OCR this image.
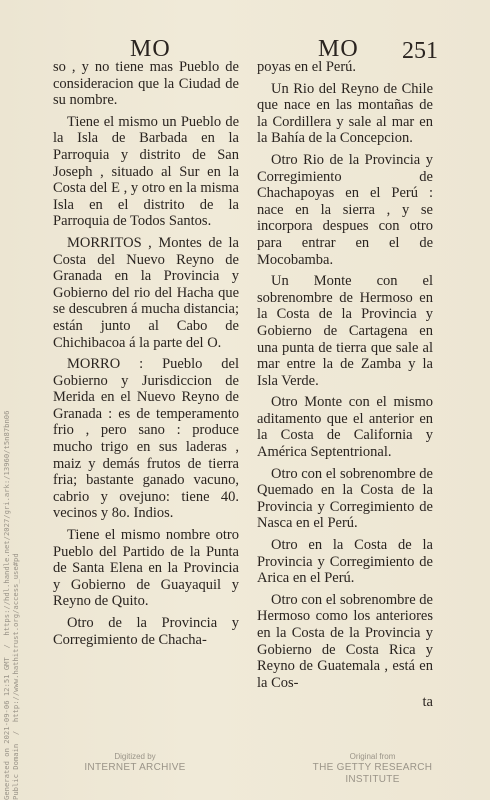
MO	MO 251

so , y no tiene mas Pueblo de consideracion que la Ciudad de su nombre.

Tiene el mismo un Pueblo de la Isla de Barbada en la Parroquia y distrito de San Joseph , situado al Sur en la Costa del E , y otro en la misma Isla en el distrito de la Parroquia de Todos Santos.

MORRITOS , Montes de la Costa del Nuevo Reyno de Granada en la Provincia y Gobierno del rio del Hacha que se descubren á mucha distancia; están junto al Cabo de Chichibacoa á la parte del O.

MORRO : Pueblo del Gobierno y Jurisdiccion de Merida en el Nuevo Reyno de Granada : es de temperamento frio , pero sano : produce mucho trigo en sus laderas , maiz y demás frutos de tierra fria; bastante ganado vacuno, cabrio y ovejuno: tiene 40. vecinos y 8o. Indios.

Tiene el mismo nombre otro Pueblo del Partido de la Punta de Santa Elena en la Provincia y Gobierno de Guayaquil y Reyno de Quito.

Otro de la Provincia y Corregimiento de Chacha-

poyas en el Perú.

Un Rio del Reyno de Chile que nace en las montañas de la Cordillera y sale al mar en la Bahía de la Concepcion.

Otro Rio de la Provincia y Corregimiento de Chachapoyas en el Perú : nace en la sierra , y se incorpora despues con otro para entrar en el de Mocobamba.

Un Monte con el sobrenombre de Hermoso en la Costa de la Provincia y Gobierno de Cartagena en una punta de tierra que sale al mar entre la de Zamba y la Isla Verde.

Otro Monte con el mismo aditamento que el anterior en la Costa de California y América Septentrional.

Otro con el sobrenombre de Quemado en la Costa de la Provincia y Corregimiento de Nasca en el Perú.

Otro en la Costa de la Provincia y Corregimiento de Arica en el Perú.

Otro con el sobrenombre de Hermoso como los anteriores en la Costa de la Provincia y Gobierno de Costa Rica y Reyno de Guatemala , está en la Cos-

ta
Generated on 2021-09-06 12:51 GMT  /  https://hdl.handle.net/2027/gri.ark:/13960/t5n87bn06
Public Domain  /  http://www.hathitrust.org/access_use#pd
Digitized by
INTERNET ARCHIVE
Original from
THE GETTY RESEARCH INSTITUTE
